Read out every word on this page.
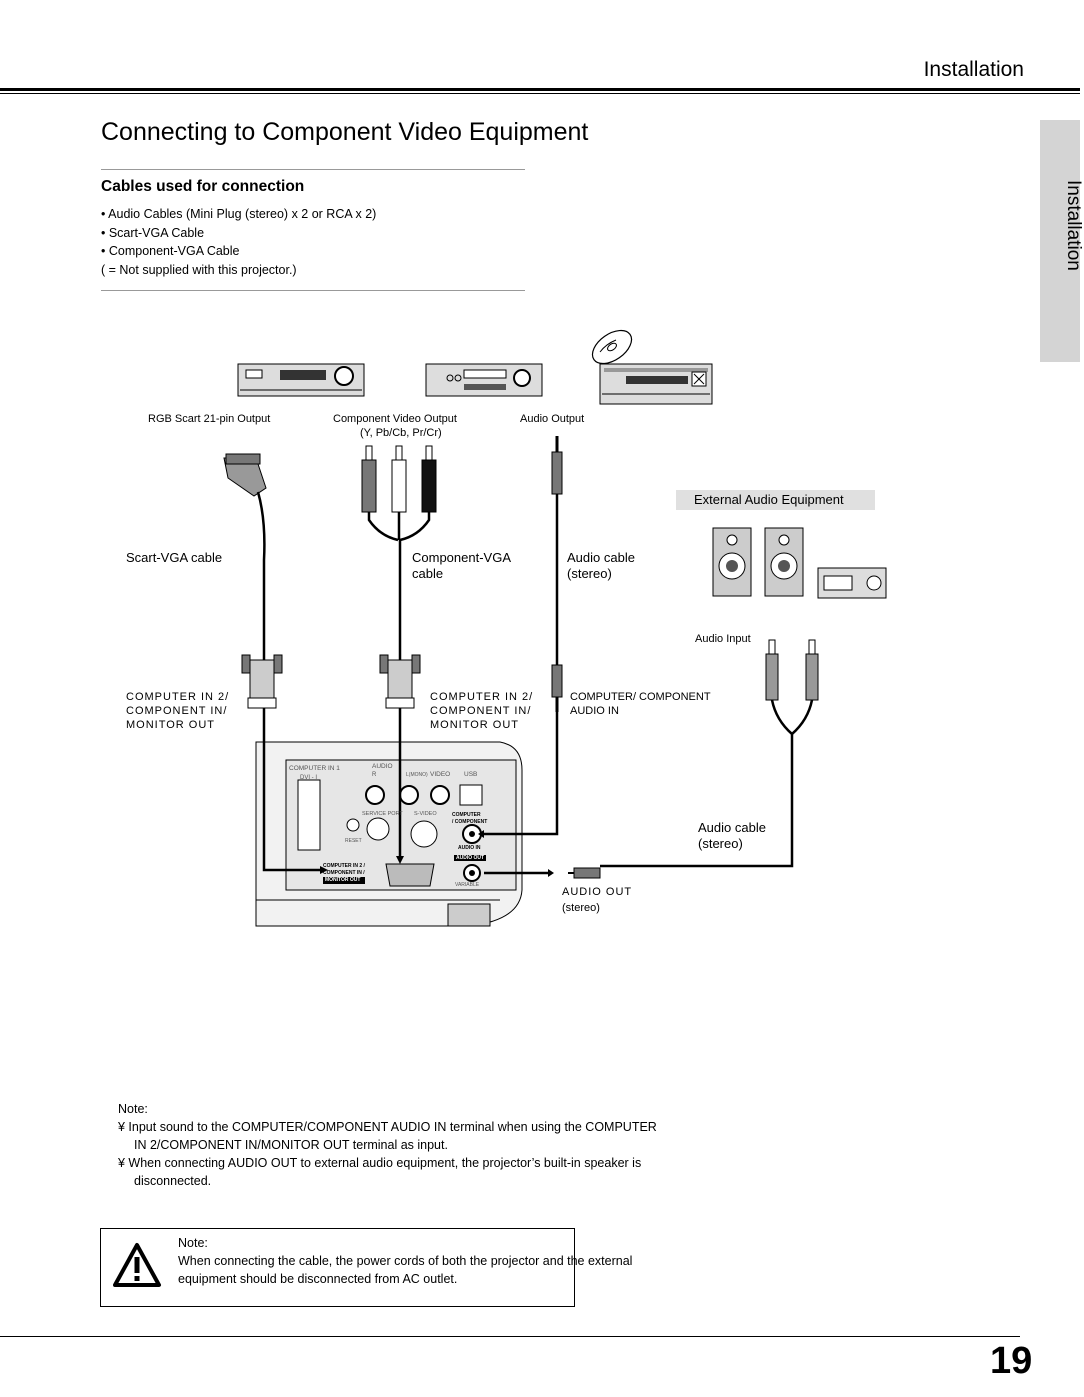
Installation
Connecting to Component Video Equipment
Installation
Cables used for connection
• Audio Cables (Mini Plug (stereo) x 2 or RCA x 2)
• Scart-VGA Cable
• Component-VGA Cable
( = Not supplied with this projector.)
RGB Scart 21-pin Output	Component Video Output
(Y, Pb/Cb, Pr/Cr)
Audio Output
External Audio Equipment
Scart-VGA cable	Component-VGA
cable
Audio cable
(stereo)
Audio Input
COMPUTER IN 2/
COMPONENT IN/
MONITOR OUT
COMPUTER IN 2/
COMPONENT IN/
MONITOR OUT
COMPUTER/ COMPONENT
AUDIO IN
Audio cable
(stereo)
AUDIO OUT
(stereo)
COMPUTER IN 1
DVI - I
AUDIO
R	L(MONO) VIDEO USB
SERVICE PORT S-VIDEO	COMPUTER
/ COMPONENT
AUDIO IN
AUDIO OUT
RESET
COMPUTER IN 2 /
COMPONENT IN /
MONITOR OUT
VARIABLE
Note:
¥ Input sound to the COMPUTER/COMPONENT AUDIO IN terminal when using the COMPUTER IN 2/COMPONENT IN/MONITOR OUT terminal as input.
¥ When connecting AUDIO OUT to external audio equipment, the projector’s built-in speaker is disconnected.
Note:
When connecting the cable, the power cords of both the projector and the external equipment should be disconnected from AC outlet.
19
